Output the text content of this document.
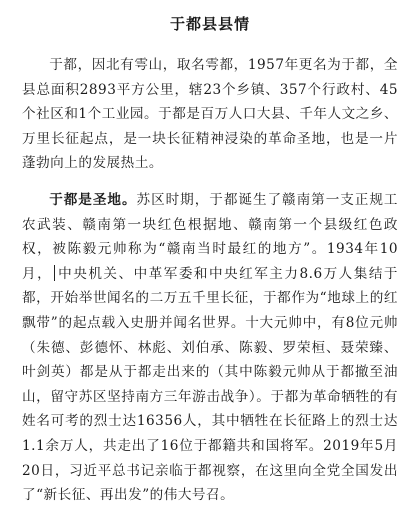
于都县县情

于都，因北有雩山，取名雩都，1957年更名为于都，全县总面积2893平方公里，辖23个乡镇、357个行政村、45个社区和1个工业园。于都是百万人口大县、千年人文之乡、万里长征起点，是一块长征精神浸染的革命圣地，也是一片蓬勃向上的发展热土。

于都是圣地。苏区时期，于都诞生了赣南第一支正规工农武装、赣南第一块红色根据地、赣南第一个县级红色政权，被陈毅元帅称为“赣南当时最红的地方”。1934年10月， 中央机关、中革军委和中央红军主力8.6万人集结于都，开始举世闻名的二万五千里长征，于都作为“地球上的红飘带”的起点载入史册并闻名世界。十大元帅中，有8位元帅（朱德、彭德怀、林彪、刘伯承、陈毅、罗荣桓、聂荣臻、叶剑英）都是从于都走出来的（其中陈毅元帅从于都撤至油山，留守苏区坚持南方三年游击战争）。于都为革命牺牲的有姓名可考的烈士达16356人，其中牺牲在长征路上的烈士达1.1余万人，共走出了16位于都籍共和国将军。2019年5月20日，习近平总书记亲临于都视察，在这里向全党全国发出了“新长征、再出发”的伟大号召。
